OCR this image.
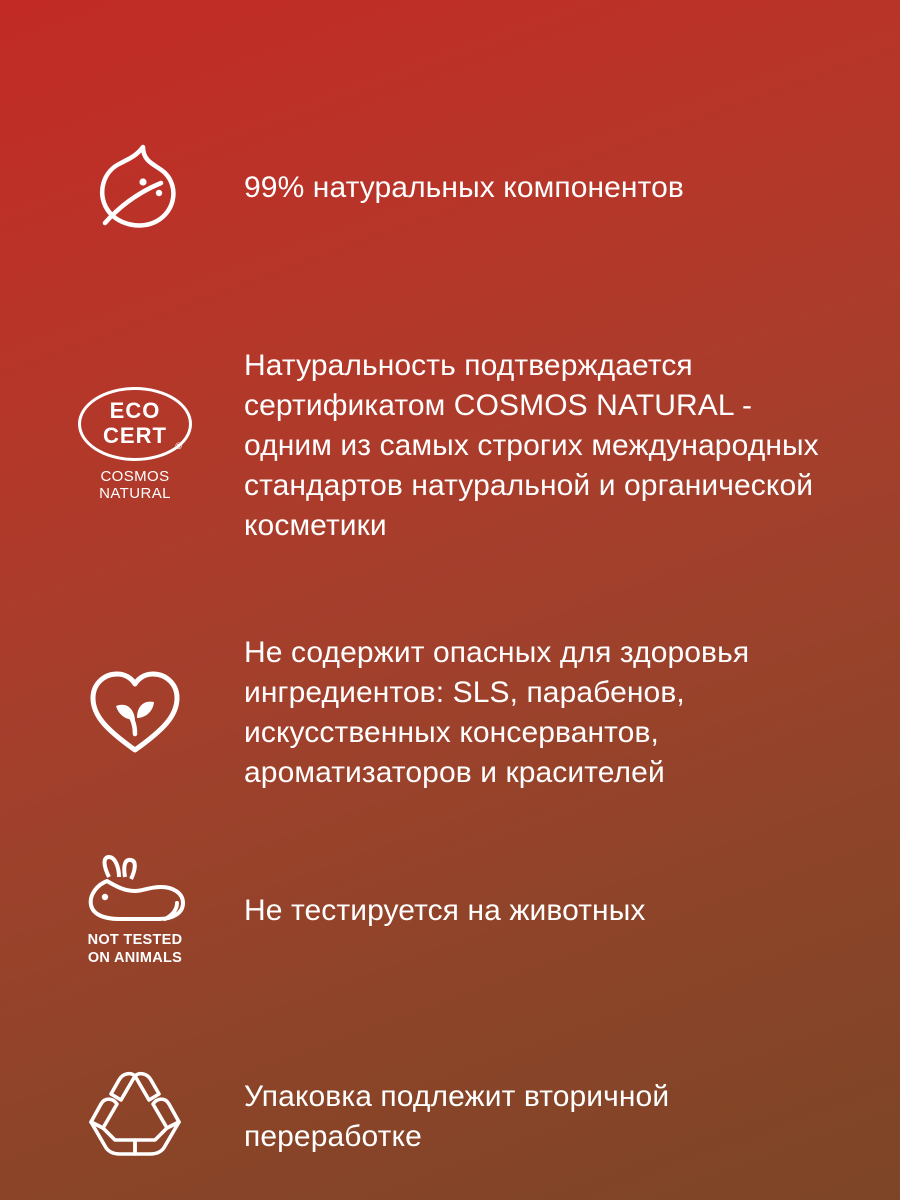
99% натуральных компонентов
ECO
CERT ®
COSMOS
NATURAL
Натуральность подтверждается сертификатом COSMOS NATURAL - одним из самых строгих международных стандартов натуральной и органической косметики
Не содержит опасных для здоровья ингредиентов: SLS, парабенов, искусственных консервантов, ароматизаторов и красителей
NOT TESTED
ON ANIMALS
Не тестируется на животных
Упаковка подлежит вторичной переработке
